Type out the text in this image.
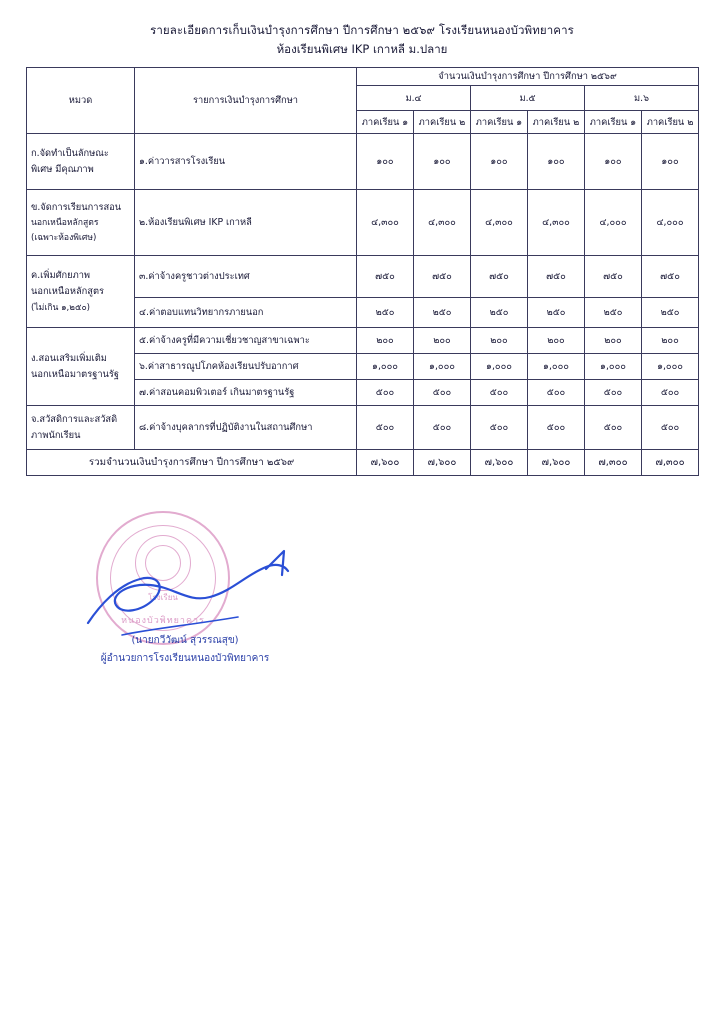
รายละเอียดการเก็บเงินบำรุงการศึกษา ปีการศึกษา ๒๕๖๙ โรงเรียนหนองบัวพิทยาคาร
ห้องเรียนพิเศษ IKP เกาหลี ม.ปลาย
หมวด	รายการเงินบำรุงการศึกษา	จำนวนเงินบำรุงการศึกษา ปีการศึกษา ๒๕๖๙					
		ม.๔		ม.๕		ม.๖	
		ภาคเรียน ๑	ภาคเรียน ๒	ภาคเรียน ๑	ภาคเรียน ๒	ภาคเรียน ๑	ภาคเรียน ๒

ก.จัดทำเป็นลักษณะ
พิเศษ มีคุณภาพ	๑.ค่าวารสารโรงเรียน	๑๐๐	๑๐๐	๑๐๐	๑๐๐	๑๐๐	๑๐๐

ข.จัดการเรียนการสอน
นอกเหนือหลักสูตร
(เฉพาะห้องพิเศษ)	๒.ห้องเรียนพิเศษ IKP เกาหลี	๔,๓๐๐	๔,๓๐๐	๔,๓๐๐	๔,๓๐๐	๔,๐๐๐	๔,๐๐๐

ค.เพิ่มศักยภาพ
นอกเหนือหลักสูตร
(ไม่เกิน ๑,๒๕๐)	๓.ค่าจ้างครูชาวต่างประเทศ	๗๕๐	๗๕๐	๗๕๐	๗๕๐	๗๕๐	๗๕๐
	๔.ค่าตอบแทนวิทยากรภายนอก	๒๕๐	๒๕๐	๒๕๐	๒๕๐	๒๕๐	๒๕๐

ง.สอนเสริมเพิ่มเติม
นอกเหนือมาตรฐานรัฐ	๕.ค่าจ้างครูที่มีความเชี่ยวชาญสาขาเฉพาะ	๒๐๐	๒๐๐	๒๐๐	๒๐๐	๒๐๐	๒๐๐
	๖.ค่าสาธารณูปโภคห้องเรียนปรับอากาศ	๑,๐๐๐	๑,๐๐๐	๑,๐๐๐	๑,๐๐๐	๑,๐๐๐	๑,๐๐๐
	๗.ค่าสอนคอมพิวเตอร์ เกินมาตรฐานรัฐ	๕๐๐	๕๐๐	๕๐๐	๕๐๐	๕๐๐	๕๐๐

จ.สวัสดิการและสวัสดิ
ภาพนักเรียน	๘.ค่าจ้างบุคลากรที่ปฏิบัติงานในสถานศึกษา	๕๐๐	๕๐๐	๕๐๐	๕๐๐	๕๐๐	๕๐๐
รวมจำนวนเงินบำรุงการศึกษา ปีการศึกษา ๒๕๖๙		๗,๖๐๐	๗,๖๐๐	๗,๖๐๐	๗,๖๐๐	๗,๓๐๐	๗,๓๐๐
โรงเรียน
หนองบัวพิทยาคาร
(นายกวีวัฒน์ สุวรรณสุข)
ผู้อำนวยการโรงเรียนหนองบัวพิทยาคาร
